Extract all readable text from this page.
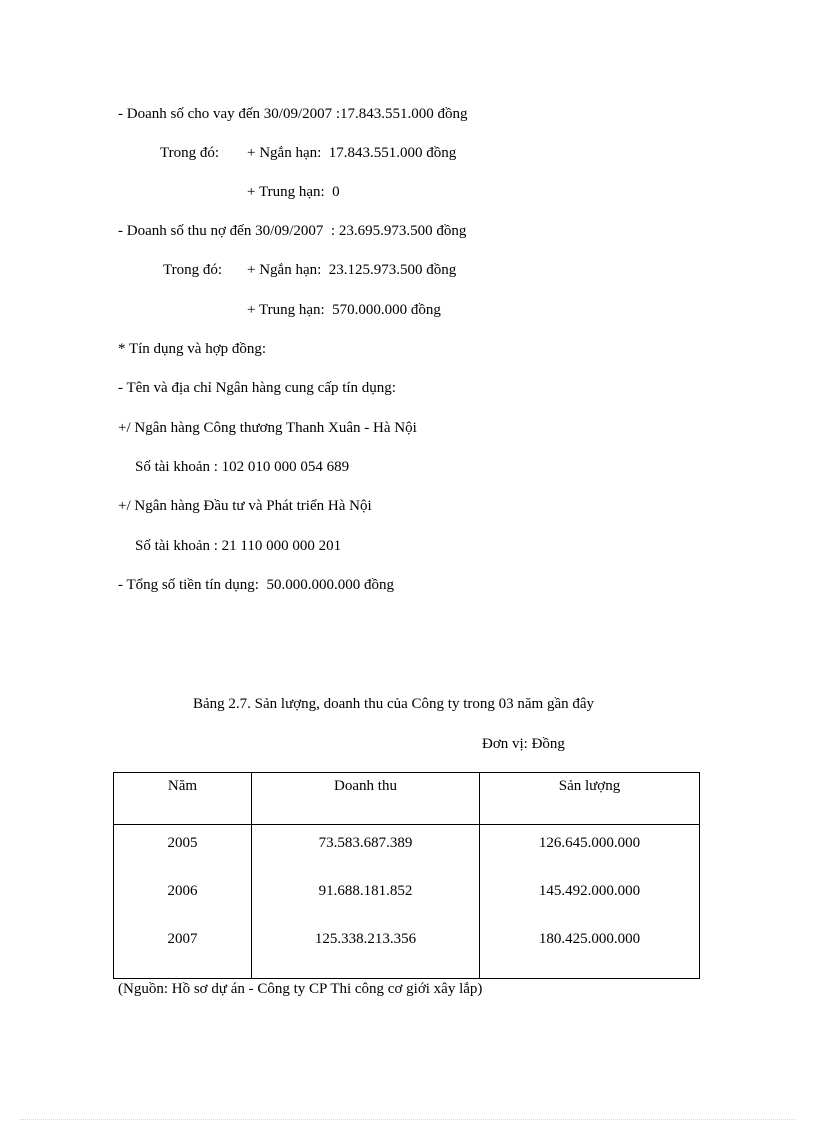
- Doanh số cho vay đến 30/09/2007 :17.843.551.000 đồng
Trong đó: + Ngắn hạn:  17.843.551.000 đồng
+ Trung hạn:  0
- Doanh số thu nợ đến 30/09/2007  : 23.695.973.500 đồng
Trong đó: + Ngắn hạn:  23.125.973.500 đồng
+ Trung hạn:  570.000.000 đồng
* Tín dụng và hợp đồng:
- Tên và địa chỉ Ngân hàng cung cấp tín dụng:
+/ Ngân hàng Công thương Thanh Xuân - Hà Nội
Số tài khoản : 102 010 000 054 689
+/ Ngân hàng Đầu tư và Phát triển Hà Nội
Số tài khoản : 21 110 000 000 201
- Tổng số tiền tín dụng:  50.000.000.000 đồng
Bảng 2.7. Sản lượng, doanh thu của Công ty trong 03 năm gần đây
Đơn vị: Đồng
Năm	Doanh thu	Sản lượng
2005	73.583.687.389	126.645.000.000
2006	91.688.181.852	145.492.000.000
2007	125.338.213.356	180.425.000.000
(Nguồn: Hồ sơ dự án - Công ty CP Thi công cơ giới xây lắp)
